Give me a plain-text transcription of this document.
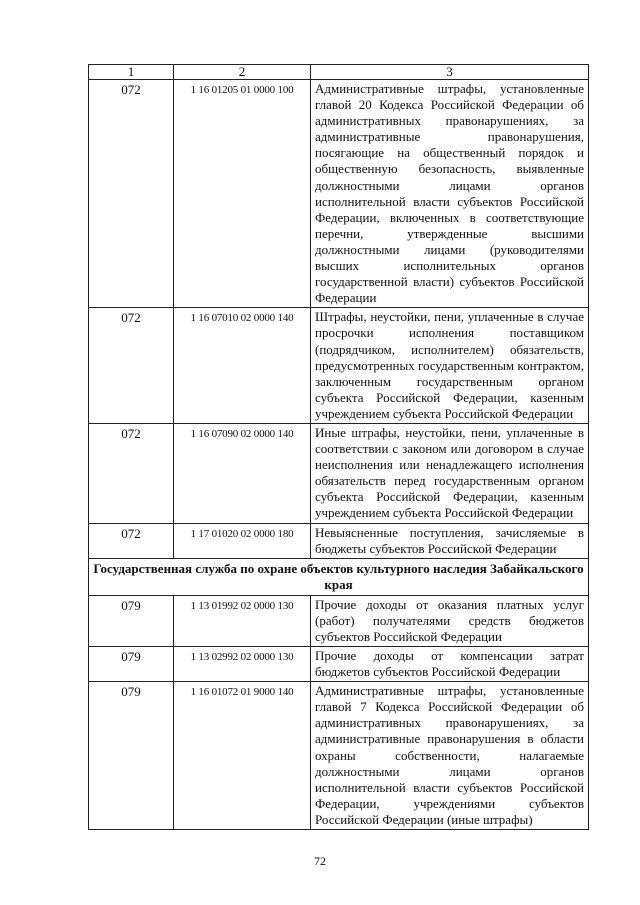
1	2	3
072	1 16 01205 01 0000 100	Административные штрафы, установленные главой 20 Кодекса Российской Федерации об административных правонарушениях, за административные правонарушения, посягающие на общественный порядок и общественную безопасность, выявленные должностными лицами органов исполнительной власти субъектов Российской Федерации, включенных в соответствующие перечни, утвержденные высшими должностными лицами (руководителями высших исполнительных органов государственной власти) субъектов Российской Федерации
072	1 16 07010 02 0000 140	Штрафы, неустойки, пени, уплаченные в случае просрочки исполнения поставщиком (подрядчиком, исполнителем) обязательств, предусмотренных государственным контрактом, заключенным государственным органом субъекта Российской Федерации, казенным учреждением субъекта Российской Федерации
072	1 16 07090 02 0000 140	Иные штрафы, неустойки, пени, уплаченные в соответствии с законом или договором в случае неисполнения или ненадлежащего исполнения обязательств перед государственным органом субъекта Российской Федерации, казенным учреждением субъекта Российской Федерации
072	1 17 01020 02 0000 180	Невыясненные поступления, зачисляемые в бюджеты субъектов Российской Федерации
Государственная служба по охране объектов культурного наследия Забайкальского края		
079	1 13 01992 02 0000 130	Прочие доходы от оказания платных услуг (работ) получателями средств бюджетов субъектов Российской Федерации
079	1 13 02992 02 0000 130	Прочие доходы от компенсации затрат бюджетов субъектов Российской Федерации
079	1 16 01072 01 9000 140	Административные штрафы, установленные главой 7 Кодекса Российской Федерации об административных правонарушениях, за административные правонарушения в области охраны собственности, налагаемые должностными лицами органов исполнительной власти субъектов Российской Федерации, учреждениями субъектов Российской Федерации (иные штрафы)
72
